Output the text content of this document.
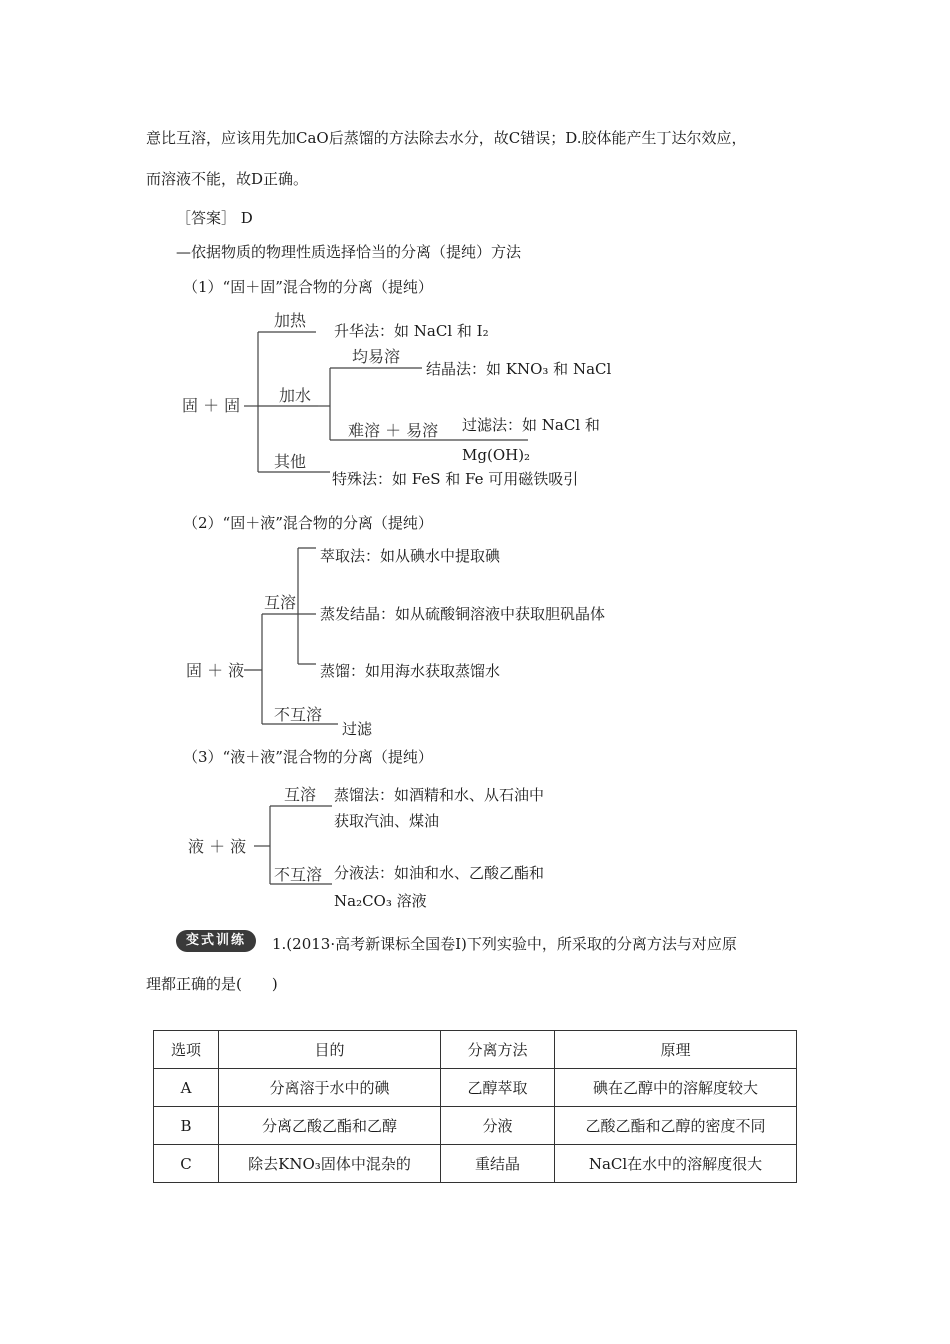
意比互溶，应该用先加CaO后蒸馏的方法除去水分，故C错误；D.胶体能产生丁达尔效应，
而溶液不能，故D正确。
［答案］ D
—依据物质的物理性质选择恰当的分离（提纯）方法
（1）“固＋固”混合物的分离（提纯）
固 ＋ 固
加热
升华法：如 NaCl 和 I₂
加水
均易溶
结晶法：如 KNO₃ 和 NaCl
难溶 ＋ 易溶 过滤法：如 NaCl 和
Mg(OH)₂
其他
特殊法：如 FeS 和 Fe 可用磁铁吸引
（2）“固＋液”混合物的分离（提纯）
固 ＋ 液
互溶
萃取法：如从碘水中提取碘
蒸发结晶：如从硫酸铜溶液中获取胆矾晶体
蒸馏：如用海水获取蒸馏水
不互溶
过滤
（3）“液＋液”混合物的分离（提纯）
液 ＋ 液
互溶 蒸馏法：如酒精和水、从石油中
获取汽油、煤油
不互溶 分液法：如油和水、乙酸乙酯和
Na₂CO₃ 溶液
变式训练	1.(2013·高考新课标全国卷Ⅰ)下列实验中，所采取的分离方法与对应原
理都正确的是(　　)
选项	目的	分离方法	原理
A	分离溶于水中的碘	乙醇萃取	碘在乙醇中的溶解度较大
B	分离乙酸乙酯和乙醇	分液	乙酸乙酯和乙醇的密度不同
C	除去KNO₃固体中混杂的	重结晶	NaCl在水中的溶解度很大
